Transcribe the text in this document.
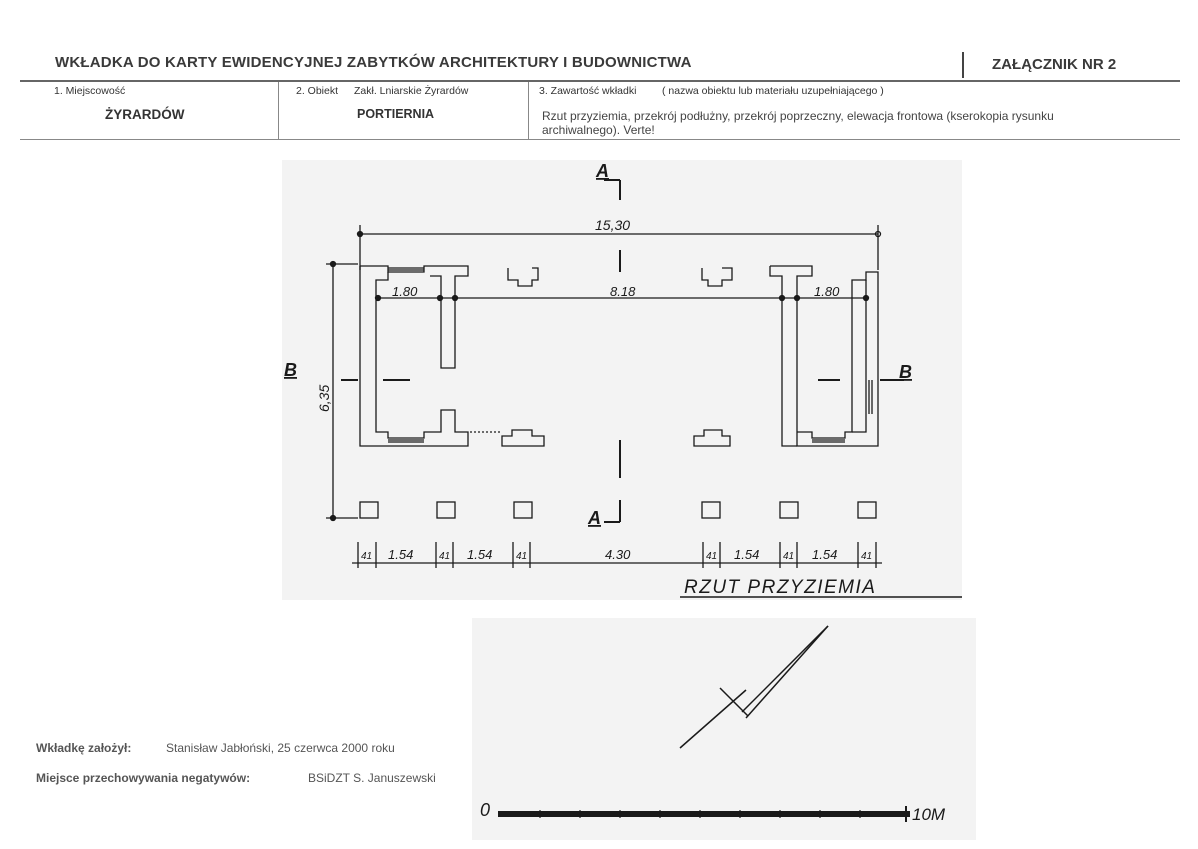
WKŁADKA DO KARTY EWIDENCYJNEJ ZABYTKÓW ARCHITEKTURY I BUDOWNICTWA	ZAŁĄCZNIK NR 2
1. Miejscowość
ŻYRARDÓW
2. Obiekt Zakł. Lniarskie Żyrardów
PORTIERNIA
3. Zawartość wkładki ( nazwa obiektu lub materiału uzupełniającego )
Rzut przyziemia, przekrój podłużny, przekrój poprzeczny, elewacja frontowa (kserokopia rysunku archiwalnego). Verte!
A
A
B	B
15,30
6,35
1.80	8.18	1.80
41 1.54	41 1.54 41	4.30	41 1.54 41 1.54 41
RZUT PRZYZIEMIA
0	10M
Wkładkę założył:	Stanisław Jabłoński, 25 czerwca 2000 roku
Miejsce przechowywania negatywów:	BSiDZT S. Januszewski
